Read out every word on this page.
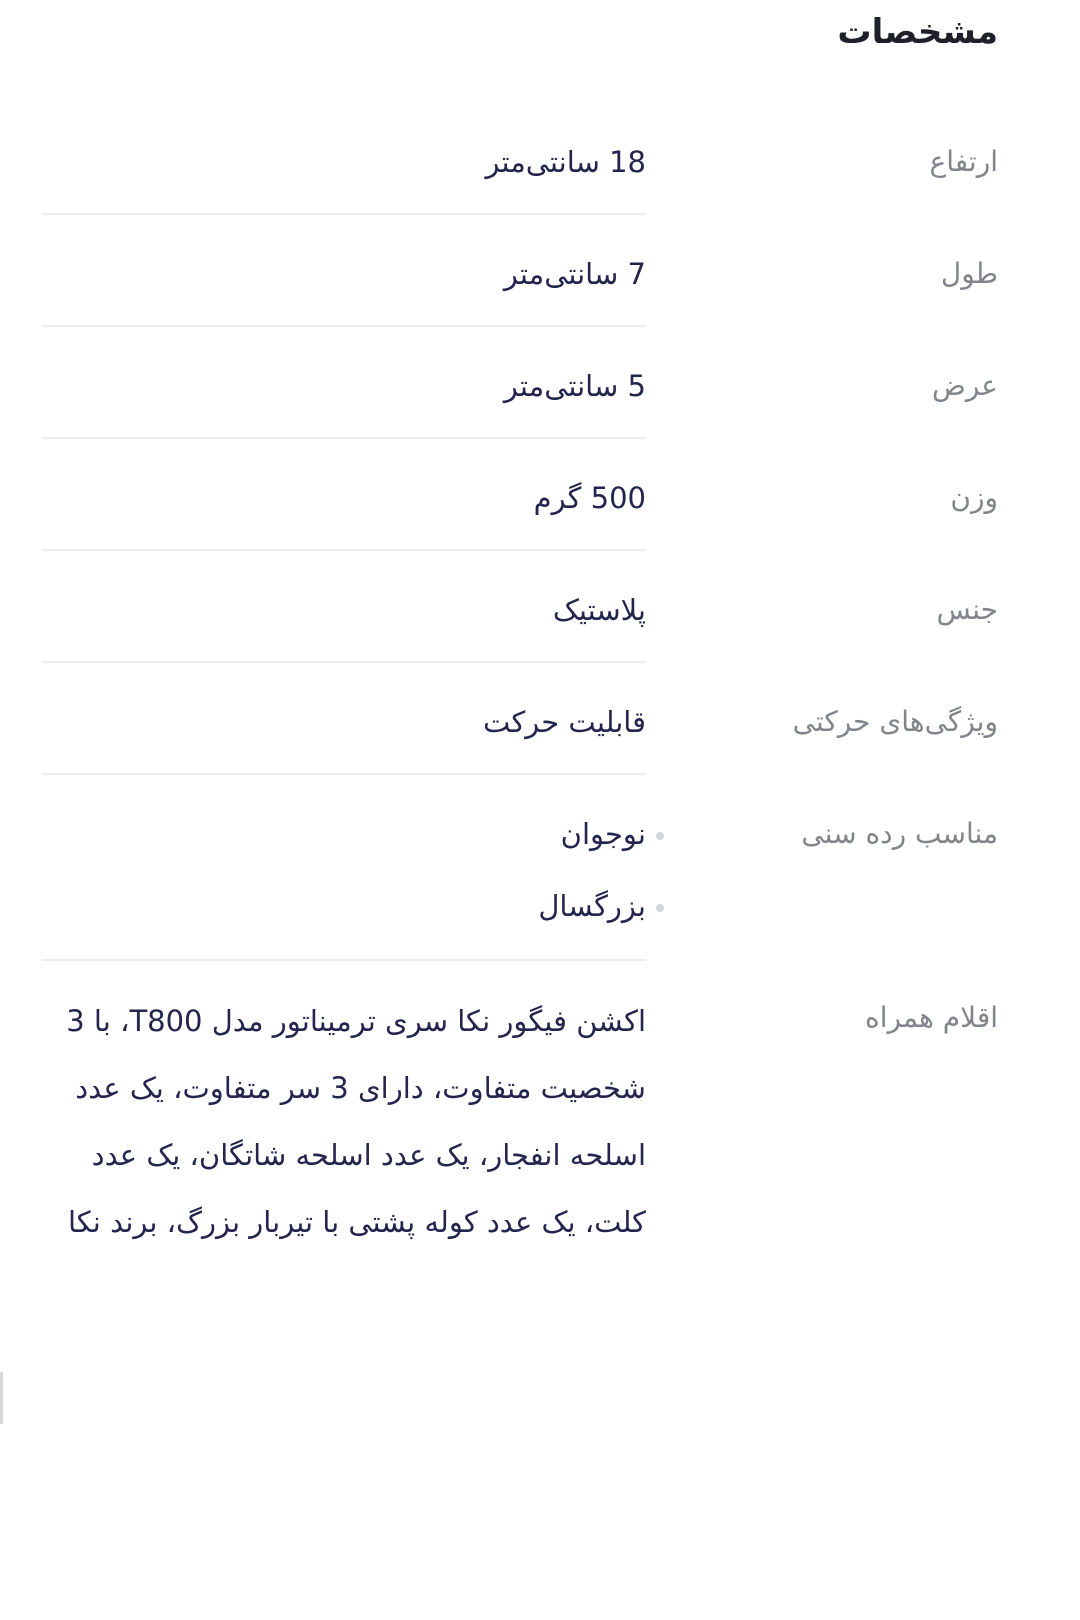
مشخصات
ارتفاع
18 سانتی‌متر
طول
7 سانتی‌متر
عرض
5 سانتی‌متر
وزن
500 گرم
جنس
پلاستیک
ویژگی‌های حرکتی
قابلیت حرکت
مناسب رده سنی
نوجوان
بزرگسال
اقلام همراه
اکشن فیگور نکا سری ترمیناتور مدل T800، با 3 شخصیت متفاوت، دارای 3 سر متفاوت، یک عدد اسلحه انفجار، یک عدد اسلحه شاتگان، یک عدد کلت، یک عدد کوله پشتی با تیربار بزرگ، برند نکا
